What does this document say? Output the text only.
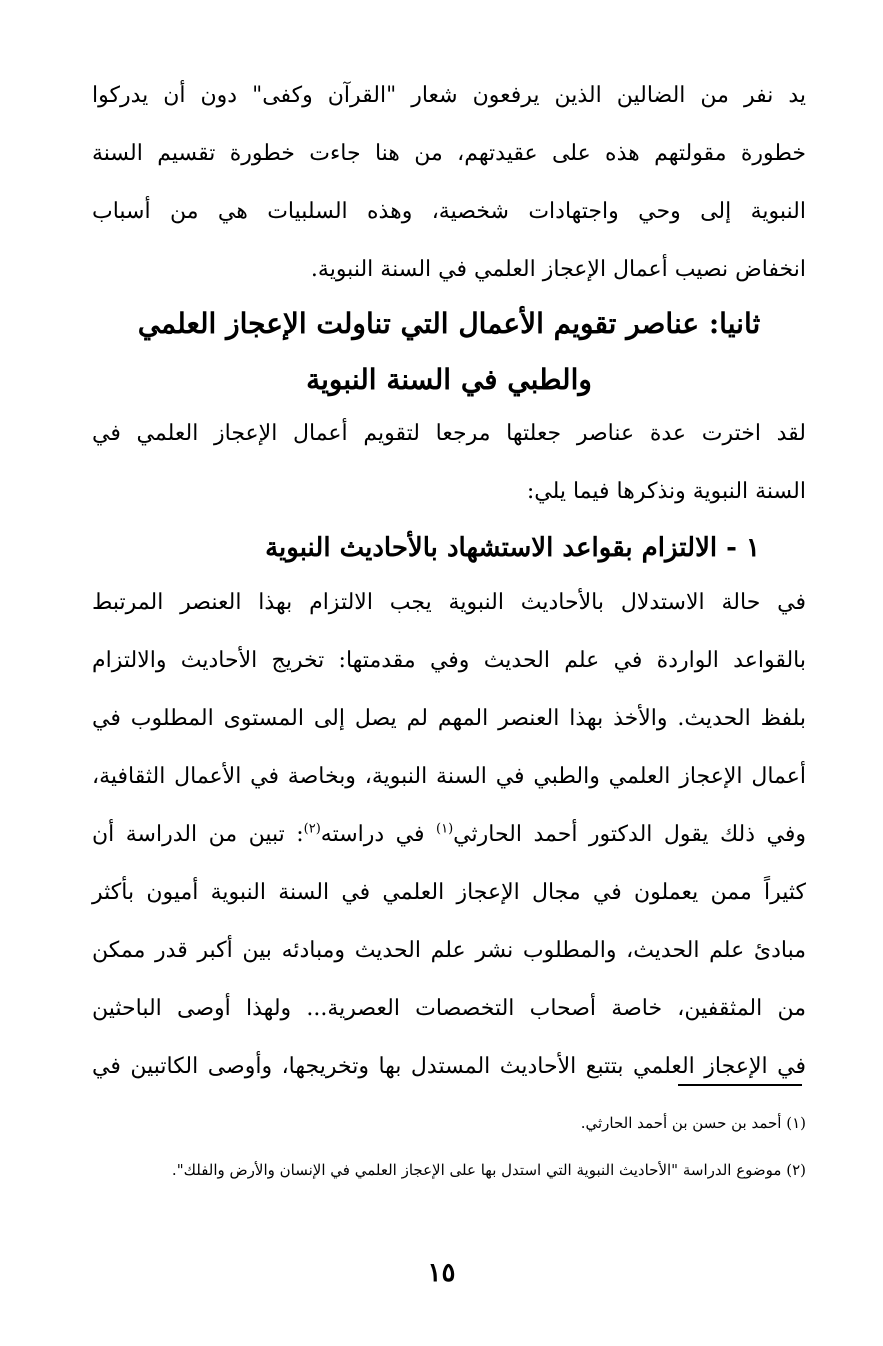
يد نفر من الضالين الذين يرفعون شعار "القرآن وكفى" دون أن يدركوا
خطورة مقولتهم هذه على عقيدتهم، من هنا جاءت خطورة تقسيم السنة
النبوية إلى وحي واجتهادات شخصية، وهذه السلبيات هي من أسباب
انخفاض نصيب أعمال الإعجاز العلمي في السنة النبوية.
ثانيا: عناصر تقويم الأعمال التي تناولت الإعجاز العلمي
والطبي في السنة النبوية
لقد اخترت عدة عناصر جعلتها مرجعا لتقويم أعمال الإعجاز العلمي في
السنة النبوية ونذكرها فيما يلي:
١ - الالتزام بقواعد الاستشهاد بالأحاديث النبوية
في حالة الاستدلال بالأحاديث النبوية يجب الالتزام بهذا العنصر المرتبط
بالقواعد الواردة في علم الحديث وفي مقدمتها: تخريج الأحاديث والالتزام
بلفظ الحديث. والأخذ بهذا العنصر المهم لم يصل إلى المستوى المطلوب في
أعمال الإعجاز العلمي والطبي في السنة النبوية، وبخاصة في الأعمال الثقافية،
وفي ذلك يقول الدكتور أحمد الحارثي$^{(١)}$ في دراسته$^{(٢)}$: تبين من الدراسة أن
كثيراً ممن يعملون في مجال الإعجاز العلمي في السنة النبوية أميون بأكثر
مبادئ علم الحديث، والمطلوب نشر علم الحديث ومبادئه بين أكبر قدر ممكن
من المثقفين، خاصة أصحاب التخصصات العصرية... ولهذا أوصى الباحثين
في الإعجاز العلمي بتتبع الأحاديث المستدل بها وتخريجها، وأوصى الكاتبين في
(١) أحمد بن حسن بن أحمد الحارثي.
(٢) موضوع الدراسة "الأحاديث النبوية التي استدل بها على الإعجاز العلمي في الإنسان والأرض والفلك".
١٥
